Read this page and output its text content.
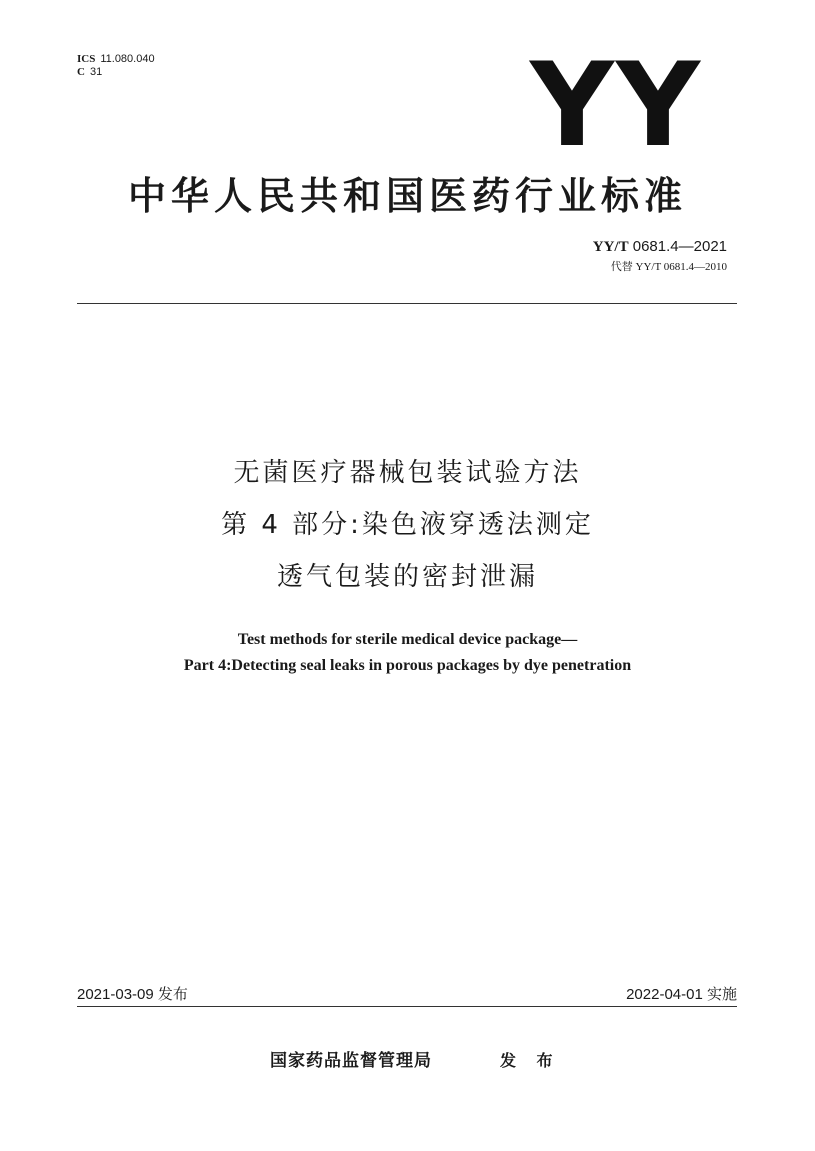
ICS 11.080.040
C 31	YY
中华人民共和国医药行业标准
YY/T 0681.4—2021
代替 YY/T 0681.4—2010
无菌医疗器械包装试验方法
第 4 部分:染色液穿透法测定
透气包装的密封泄漏
Test methods for sterile medical device package—
Part 4:Detecting seal leaks in porous packages by dye penetration
2021-03-09 发布	2022-04-01 实施
国家药品监督管理局	发 布
